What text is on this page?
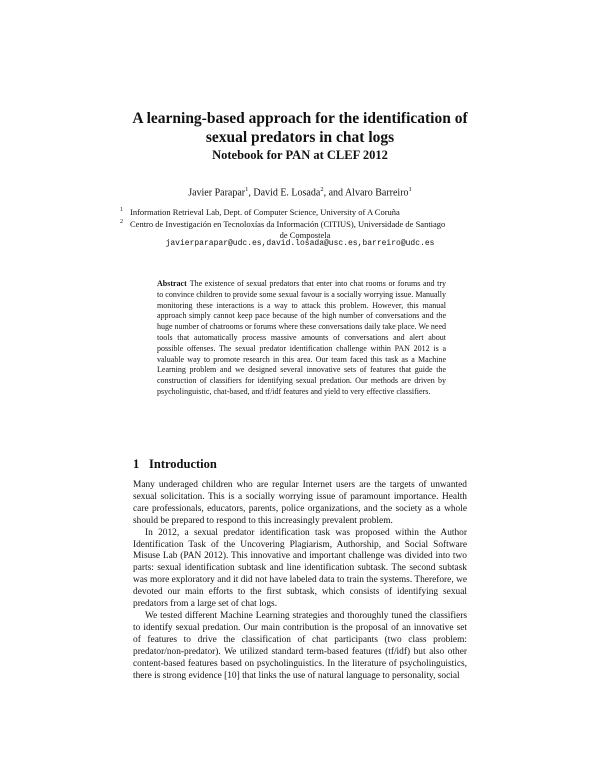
A learning-based approach for the identification of
sexual predators in chat logs
Notebook for PAN at CLEF 2012
Javier Parapar$^1$, David E. Losada$^2$, and Alvaro Barreiro$^1$
1 Information Retrieval Lab, Dept. of Computer Science, University of A Coruña
2 Centro de Investigación en Tecnoloxías da Información (CITIUS), Universidade de Santiago
de Compostela
javierparapar@udc.es,david.losada@usc.es,barreiro@udc.es
Abstract The existence of sexual predators that enter into chat rooms or forums and try to convince children to provide some sexual favour is a socially worrying issue. Manually monitoring these interactions is a way to attack this problem. However, this manual approach simply cannot keep pace because of the high number of conversations and the huge number of chatrooms or forums where these conversations daily take place. We need tools that automatically process massive amounts of conversations and alert about possible offenses. The sexual predator identification challenge within PAN 2012 is a valuable way to promote research in this area. Our team faced this task as a Machine Learning problem and we designed several innovative sets of features that guide the construction of classifiers for identifying sexual predation. Our methods are driven by psycholinguistic, chat-based, and tf/idf features and yield to very effective classifiers.
1 Introduction

Many underaged children who are regular Internet users are the targets of unwanted sexual solicitation. This is a socially worrying issue of paramount importance. Health care professionals, educators, parents, police organizations, and the society as a whole should be prepared to respond to this increasingly prevalent problem.

In 2012, a sexual predator identification task was proposed within the Author Identification Task of the Uncovering Plagiarism, Authorship, and Social Software Misuse Lab (PAN 2012). This innovative and important challenge was divided into two parts: sexual identification subtask and line identification subtask. The second subtask was more exploratory and it did not have labeled data to train the systems. Therefore, we devoted our main efforts to the first subtask, which consists of identifying sexual predators from a large set of chat logs.

We tested different Machine Learning strategies and thoroughly tuned the classifiers to identify sexual predation. Our main contribution is the proposal of an innovative set of features to drive the classification of chat participants (two class problem: predator/non-predator). We utilized standard term-based features (tf/idf) but also other content-based features based on psycholinguistics. In the literature of psycholinguistics, there is strong evidence [10] that links the use of natural language to personality, social
